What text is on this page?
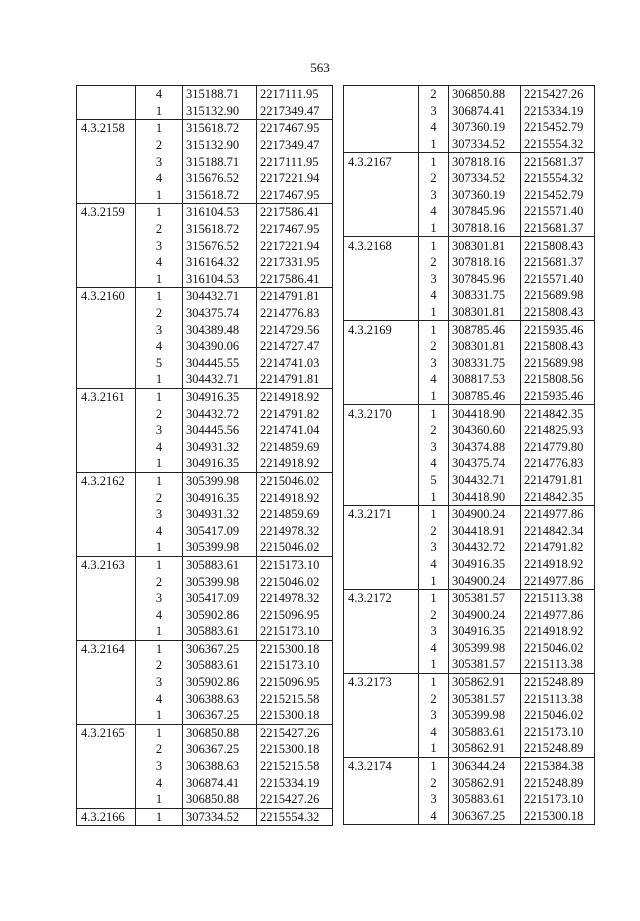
563
	4	315188.71	2217111.95
	1	315132.90	2217349.47
4.3.2158	1	315618.72	2217467.95
	2	315132.90	2217349.47
	3	315188.71	2217111.95
	4	315676.52	2217221.94
	1	315618.72	2217467.95
4.3.2159	1	316104.53	2217586.41
	2	315618.72	2217467.95
	3	315676.52	2217221.94
	4	316164.32	2217331.95
	1	316104.53	2217586.41
4.3.2160	1	304432.71	2214791.81
	2	304375.74	2214776.83
	3	304389.48	2214729.56
	4	304390.06	2214727.47
	5	304445.55	2214741.03
	1	304432.71	2214791.81
4.3.2161	1	304916.35	2214918.92
	2	304432.72	2214791.82
	3	304445.56	2214741.04
	4	304931.32	2214859.69
	1	304916.35	2214918.92
4.3.2162	1	305399.98	2215046.02
	2	304916.35	2214918.92
	3	304931.32	2214859.69
	4	305417.09	2214978.32
	1	305399.98	2215046.02
4.3.2163	1	305883.61	2215173.10
	2	305399.98	2215046.02
	3	305417.09	2214978.32
	4	305902.86	2215096.95
	1	305883.61	2215173.10
4.3.2164	1	306367.25	2215300.18
	2	305883.61	2215173.10
	3	305902.86	2215096.95
	4	306388.63	2215215.58
	1	306367.25	2215300.18
4.3.2165	1	306850.88	2215427.26
	2	306367.25	2215300.18
	3	306388.63	2215215.58
	4	306874.41	2215334.19
	1	306850.88	2215427.26
4.3.2166	1	307334.52	2215554.32
	2	306850.88	2215427.26
	3	306874.41	2215334.19
	4	307360.19	2215452.79
	1	307334.52	2215554.32
4.3.2167	1	307818.16	2215681.37
	2	307334.52	2215554.32
	3	307360.19	2215452.79
	4	307845.96	2215571.40
	1	307818.16	2215681.37
4.3.2168	1	308301.81	2215808.43
	2	307818.16	2215681.37
	3	307845.96	2215571.40
	4	308331.75	2215689.98
	1	308301.81	2215808.43
4.3.2169	1	308785.46	2215935.46
	2	308301.81	2215808.43
	3	308331.75	2215689.98
	4	308817.53	2215808.56
	1	308785.46	2215935.46
4.3.2170	1	304418.90	2214842.35
	2	304360.60	2214825.93
	3	304374.88	2214779.80
	4	304375.74	2214776.83
	5	304432.71	2214791.81
	1	304418.90	2214842.35
4.3.2171	1	304900.24	2214977.86
	2	304418.91	2214842.34
	3	304432.72	2214791.82
	4	304916.35	2214918.92
	1	304900.24	2214977.86
4.3.2172	1	305381.57	2215113.38
	2	304900.24	2214977.86
	3	304916.35	2214918.92
	4	305399.98	2215046.02
	1	305381.57	2215113.38
4.3.2173	1	305862.91	2215248.89
	2	305381.57	2215113.38
	3	305399.98	2215046.02
	4	305883.61	2215173.10
	1	305862.91	2215248.89
4.3.2174	1	306344.24	2215384.38
	2	305862.91	2215248.89
	3	305883.61	2215173.10
	4	306367.25	2215300.18
